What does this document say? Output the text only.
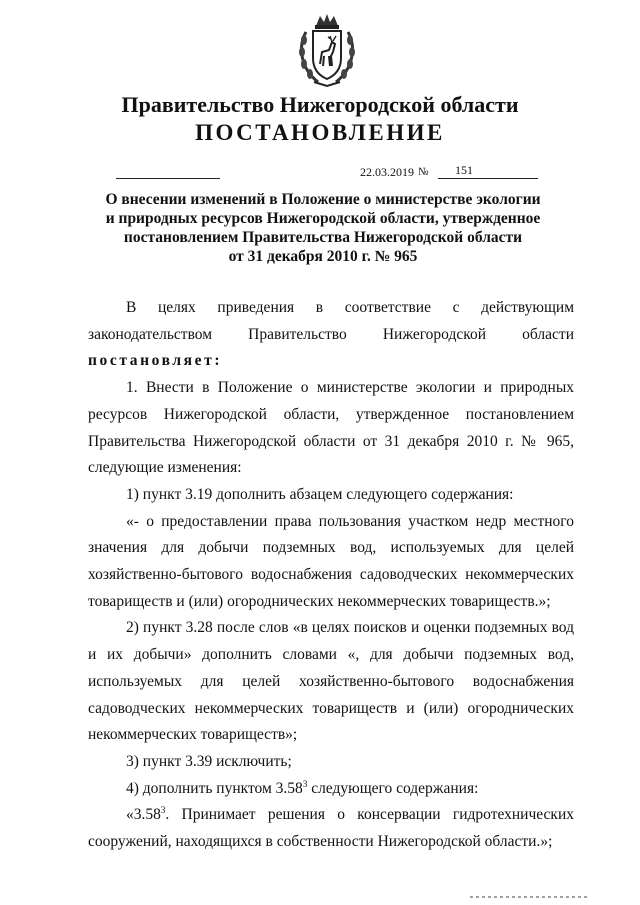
Правительство Нижегородской области
ПОСТАНОВЛЕНИЕ
22.03.2019 № 151
О внесении изменений в Положение о министерстве экологии
и природных ресурсов Нижегородской области, утвержденное
постановлением Правительства Нижегородской области
от 31 декабря 2010 г. № 965

В целях приведения в соответствие с действующим

законодательством Правительство Нижегородской области

постановляет:

1. Внести в Положение о министерстве экологии и природных ресурсов Нижегородской области, утвержденное постановлением Правительства Нижегородской области от 31 декабря 2010 г. № 965, следующие изменения:

1) пункт 3.19 дополнить абзацем следующего содержания:

«- о предоставлении права пользования участком недр местного значения для добычи подземных вод, используемых для целей хозяйственно-бытового водоснабжения садоводческих некоммерческих товариществ и (или) огороднических некоммерческих товариществ.»;

2) пункт 3.28 после слов «в целях поисков и оценки подземных вод и их добычи» дополнить словами «, для добычи подземных вод, используемых для целей хозяйственно-бытового водоснабжения садоводческих некоммерческих товариществ и (или) огороднических некоммерческих товариществ»;

3) пункт 3.39 исключить;

4) дополнить пунктом 3.58$^3$ следующего содержания:

«3.58$^3$. Принимает решения о консервации гидротехнических сооружений, находящихся в собственности Нижегородской области.»;
